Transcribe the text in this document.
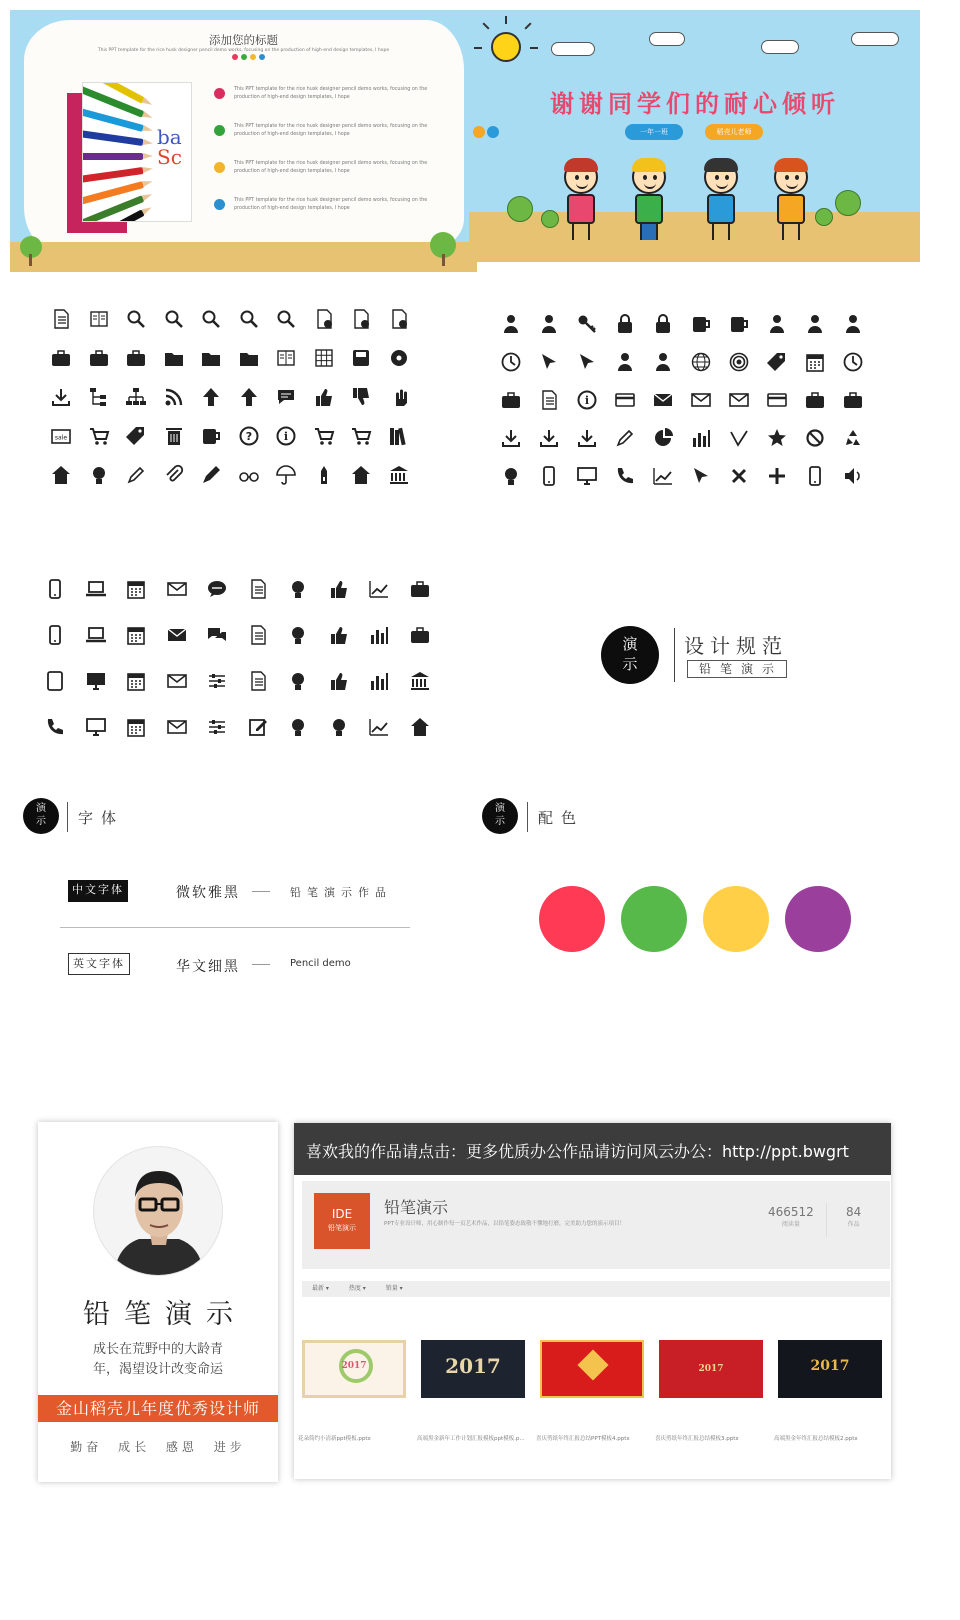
添加您的标题
This PPT template for the rice husk designer pencil demo works, focusing on the production of high-end design templates, I hope
ba
Sc
This PPT template for the rice husk designer pencil demo works, focusing on the production of high-end design templates, I hope
This PPT template for the rice husk designer pencil demo works, focusing on the production of high-end design templates, I hope
This PPT template for the rice husk designer pencil demo works, focusing on the production of high-end design templates, I hope
This PPT template for the rice husk designer pencil demo works, focusing on the production of high-end design templates, I hope
谢谢同学们的耐心倾听
一年一班	稻壳儿老师
sale	?	i
i
演
示
设计规范
铅笔演示
演
示	字体
中文字体	微软雅黑	铅笔演示作品
英文字体	华文细黑	Pencil demo
演
示	配色
铅笔演示
成长在荒野中的大龄青
年，渴望设计改变命运
金山稻壳儿年度优秀设计师
勤奋 成长 感恩 进步
喜欢我的作品请点击：更多优质办公作品请访问风云办公：http://ppt.bwgrt
IDE
铅笔演示
铅笔演示
PPT专业设计师，用心制作每一页艺术作品，以铅笔姿态致敬不懂地打磨，完美助力您的演示项目！
466512
阅读量
84
作品
最新 ▾	热度 ▾	销量 ▾
2017	2017	2017	2017
花朵简约小清新ppt模板.pptx	高端黑金新年工作计划汇报模板ppt模板.p...	喜庆剪纸年终汇报总结PPT模板4.pptx	喜庆剪纸年终汇报总结模板3.pptx	高端黑金年终汇报总结模板2.pptx
